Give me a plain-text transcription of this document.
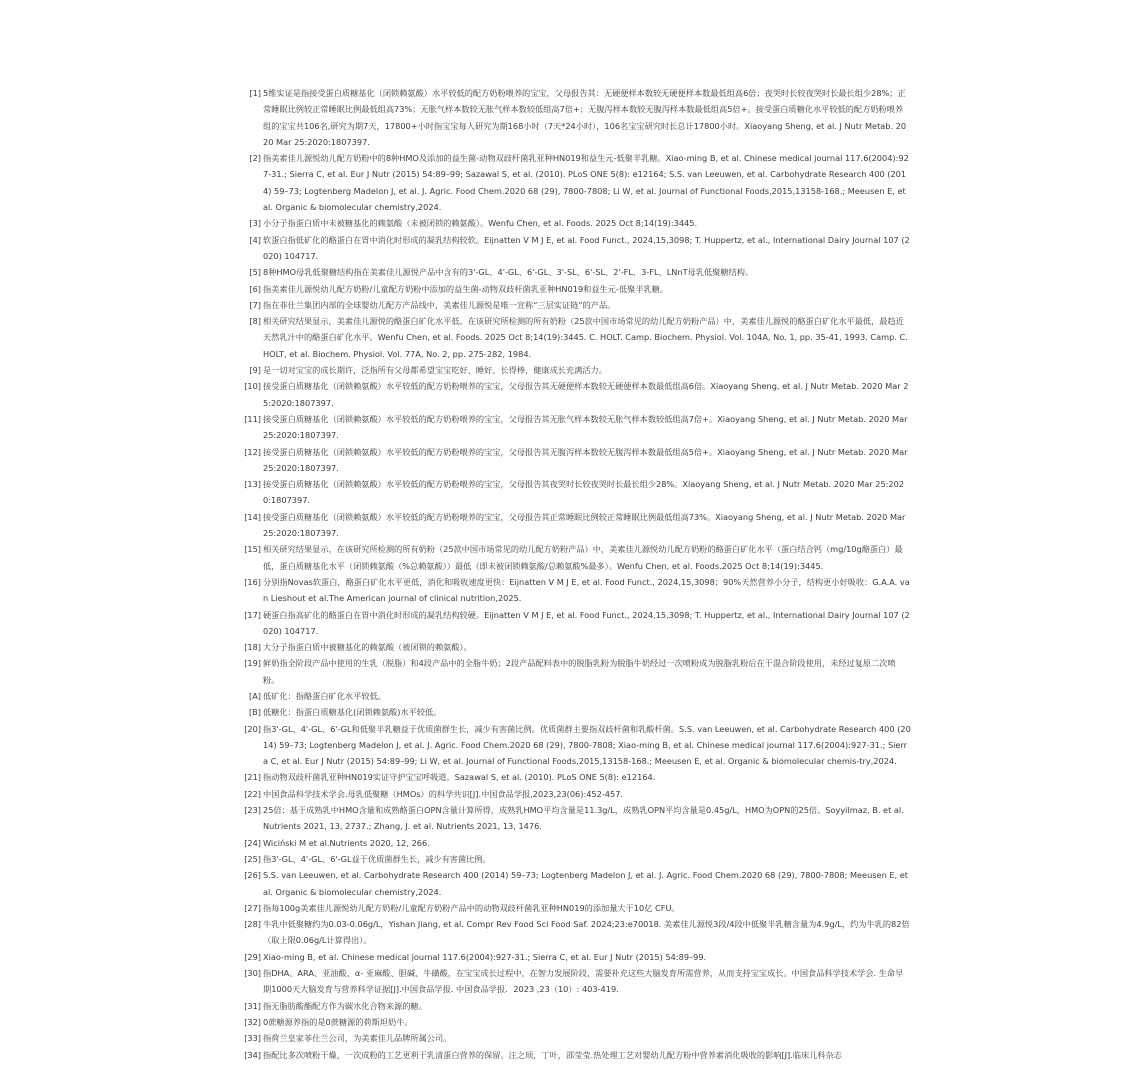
[1] 5维实证是指接受蛋白质糖基化（闭锁赖氨酸）水平较低的配方奶粉喂养的宝宝，父母报告其：无硬便样本数较无硬便样本数最低组高6倍；夜哭时长较夜哭时长最长组少28%；正常睡眠比例较正常睡眠比例最低组高73%；无胀气样本数较无胀气样本数较低组高7倍+；无腹泻样本数较无腹泻样本数最低组高5倍+。接受蛋白质糖化水平较低的配方奶粉喂养组的宝宝共106名,研究为期7天，17800+小时指宝宝每人研究为期168小时（7天*24小时），106名宝宝研究时长总计17800小时。Xiaoyang Sheng, et al. J Nutr Metab. 2020 Mar 25:2020:1807397.
[2] 指美素佳儿源悦幼儿配方奶粉中的8种HMO及添加的益生菌-动物双歧杆菌乳亚种HN019和益生元-低聚半乳糖。Xiao-ming B, et al. Chinese medical journal 117.6(2004):927-31.; Sierra C, et al. Eur J Nutr (2015) 54:89–99; Sazawal S, et al. (2010). PLoS ONE 5(8): e12164; S.S. van Leeuwen, et al. Carbohydrate Research 400 (2014) 59–73; Logtenberg Madelon J, et al. J. Agric. Food Chem.2020 68 (29), 7800-7808; Li W, et al. Journal of Functional Foods,2015,13158-168.; Meeusen E, et al. Organic & biomolecular chemistry,2024.
[3] 小分子指蛋白质中未被糖基化的赖氨酸（未被闭锁的赖氨酸）。Wenfu Chen, et al. Foods. 2025 Oct 8;14(19):3445.
[4] 软蛋白指低矿化的酪蛋白在胃中消化时形成的凝乳结构较软。Eijnatten V M J E, et al. Food Funct., 2024,15,3098; T. Huppertz, et al., International Dairy Journal 107 (2020) 104717.
[5] 8种HMO母乳低聚糖结构指在美素佳儿源悦产品中含有的3'-GL、4'-GL、6'-GL、3'-SL、6'-SL、2'-FL、3-FL、LNnT母乳低聚糖结构。
[6] 指美素佳儿源悦幼儿配方奶粉/儿童配方奶粉中添加的益生菌-动物双歧杆菌乳亚种HN019和益生元-低聚半乳糖。
[7] 指在菲仕兰集团内部的全球婴幼儿配方产品线中，美素佳儿源悦是唯一宣称“三层实证链”的产品。
[8] 相关研究结果显示，美素佳儿源悦的酪蛋白矿化水平低。在该研究所检测的所有奶粉（25款中国市场常见的幼儿配方奶粉产品）中，美素佳儿源悦的酪蛋白矿化水平最低，最趋近天然乳汁中的酪蛋白矿化水平。Wenfu Chen, et al. Foods. 2025 Oct 8;14(19):3445. C. HOLT. Camp. Biochem. Physiol. Vol. 104A, No. 1, pp. 35-41, 1993. Camp. C. HOLT, et al. Biochem. Physiol. Vol. 77A, No. 2, pp. 275-282, 1984.
[9] 是一切对宝宝的成长期许，泛指所有父母都希望宝宝吃好、睡好、长得棒，健康成长充满活力。
[10] 接受蛋白质糖基化（闭锁赖氨酸）水平较低的配方奶粉喂养的宝宝，父母报告其无硬便样本数较无硬便样本数最低组高6倍。Xiaoyang Sheng, et al. J Nutr Metab. 2020 Mar 25:2020:1807397.
[11] 接受蛋白质糖基化（闭锁赖氨酸）水平较低的配方奶粉喂养的宝宝，父母报告其无胀气样本数较无胀气样本数较低组高7倍+。Xiaoyang Sheng, et al. J Nutr Metab. 2020 Mar 25:2020:1807397.
[12] 接受蛋白质糖基化（闭锁赖氨酸）水平较低的配方奶粉喂养的宝宝，父母报告其无腹泻样本数较无腹泻样本数最低组高5倍+。Xiaoyang Sheng, et al. J Nutr Metab. 2020 Mar 25:2020:1807397.
[13] 接受蛋白质糖基化（闭锁赖氨酸）水平较低的配方奶粉喂养的宝宝，父母报告其夜哭时长较夜哭时长最长组少28%。Xiaoyang Sheng, et al. J Nutr Metab. 2020 Mar 25:2020:1807397.
[14] 接受蛋白质糖基化（闭锁赖氨酸）水平较低的配方奶粉喂养的宝宝，父母报告其正常睡眠比例较正常睡眠比例最低组高73%。Xiaoyang Sheng, et al. J Nutr Metab. 2020 Mar 25:2020:1807397.
[15] 相关研究结果显示，在该研究所检测的所有奶粉（25款中国市场常见的幼儿配方奶粉产品）中，美素佳儿源悦幼儿配方奶粉的酪蛋白矿化水平（蛋白结合钙（mg/10g酪蛋白）最低，蛋白质糖基化水平（闭锁赖氨酸（%总赖氨酸））最低（即未被闭锁赖氨酸/总赖氨酸%最多）。Wenfu Chen, et al. Foods.2025 Oct 8;14(19):3445.
[16] 分别指Novas软蛋白，酪蛋白矿化水平更低，消化和吸收速度更快：Eijnatten V M J E, et al. Food Funct., 2024,15,3098；90%天然营养小分子，结构更小好吸收：G.A.A. van Lieshout et al.The American journal of clinical nutrition,2025.
[17] 硬蛋白指高矿化的酪蛋白在胃中消化时形成的凝乳结构较硬。Eijnatten V M J E, et al. Food Funct., 2024,15,3098; T. Huppertz, et al., International Dairy Journal 107 (2020) 104717.
[18] 大分子指蛋白质中被糖基化的赖氨酸（被闭锁的赖氨酸）。
[19] 鲜奶指全阶段产品中使用的生乳（脱脂）和4段产品中的全脂牛奶；2段产品配料表中的脱脂乳粉为脱脂牛奶经过一次喷粉成为脱脂乳粉后在干混合阶段使用，未经过复原二次喷粉。
[A] 低矿化：指酪蛋白矿化水平较低。
[B] 低糖化：指蛋白质糖基化(闭锁赖氨酸)水平较低。
[20] 指3'-GL、4'-GL、6'-GL和低聚半乳糖益于优质菌群生长，减少有害菌比例。优质菌群主要指双歧杆菌和乳酸杆菌。S.S. van Leeuwen, et al. Carbohydrate Research 400 (2014) 59–73; Logtenberg Madelon J, et al. J. Agric. Food Chem.2020 68 (29), 7800-7808; Xiao-ming B, et al. Chinese medical journal 117.6(2004):927-31.; Sierra C, et al. Eur J Nutr (2015) 54:89–99; Li W, et al. Journal of Functional Foods,2015,13158-168.; Meeusen E, et al. Organic & biomolecular chemis-try,2024.
[21] 指动物双歧杆菌乳亚种HN019实证守护宝宝呼吸道。Sazawal S, et al. (2010). PLoS ONE 5(8): e12164.
[22] 中国食品科学技术学会.母乳低聚糖（HMOs）的科学共识[J].中国食品学报,2023,23(06):452-457.
[23] 25倍：基于成熟乳中HMO含量和成熟酪蛋白OPN含量计算所得，成熟乳HMO平均含量是11.3g/L，成熟乳OPN平均含量是0.45g/L，HMO为OPN的25倍。Soyyilmaz, B. et al. Nutrients 2021, 13, 2737.; Zhang, J. et al. Nutrients 2021, 13, 1476.
[24] Wiciński M et al.Nutrients 2020, 12, 266.
[25] 指3'-GL、4'-GL、6'-GL益于优质菌群生长，减少有害菌比例。
[26] S.S. van Leeuwen, et al. Carbohydrate Research 400 (2014) 59–73; Logtenberg Madelon J, et al. J. Agric. Food Chem.2020 68 (29), 7800-7808; Meeusen E, et al. Organic & biomolecular chemistry,2024.
[27] 指每100g美素佳儿源悦幼儿配方奶粉/儿童配方奶粉产品中的动物双歧杆菌乳亚种HN019的添加量大于10亿 CFU。
[28] 牛乳中低聚糖约为0.03-0.06g/L，Yishan Jiang, et al. Compr Rev Food Sci Food Saf. 2024;23:e70018. 美素佳儿源悦3段/4段中低聚半乳糖含量为4.9g/L，约为牛乳的82倍（取上限0.06g/L计算得出）。
[29] Xiao-ming B, et al. Chinese medical journal 117.6(2004):927-31.; Sierra C, et al. Eur J Nutr (2015) 54:89–99.
[30] 指DHA、ARA、亚油酸、α- 亚麻酸、胆碱、牛磺酸，在宝宝成长过程中，在智力发展阶段，需要补充这些大脑发育所需营养，从而支持宝宝成长。中国食品科学技术学会. 生命早期1000天大脑发育与营养科学证据[J].中国食品学报. 中国食品学报．2023 ,23（10）: 403-419.
[31] 指无脂肪酸酯配方作为碳水化合物来源的糖。
[32] 0蔗糖源养指的是0蔗糖源的荷斯坦奶牛。
[33] 指荷兰皇家菲仕兰公司，为美素佳儿品牌所属公司。
[34] 指配比多次喷粉干燥，一次成粉的工艺更利于乳清蛋白营养的保留。汪之顼，丁叶，邵莹莹.热处理工艺对婴幼儿配方粉中营养素消化吸收的影响[J].临床儿科杂志
